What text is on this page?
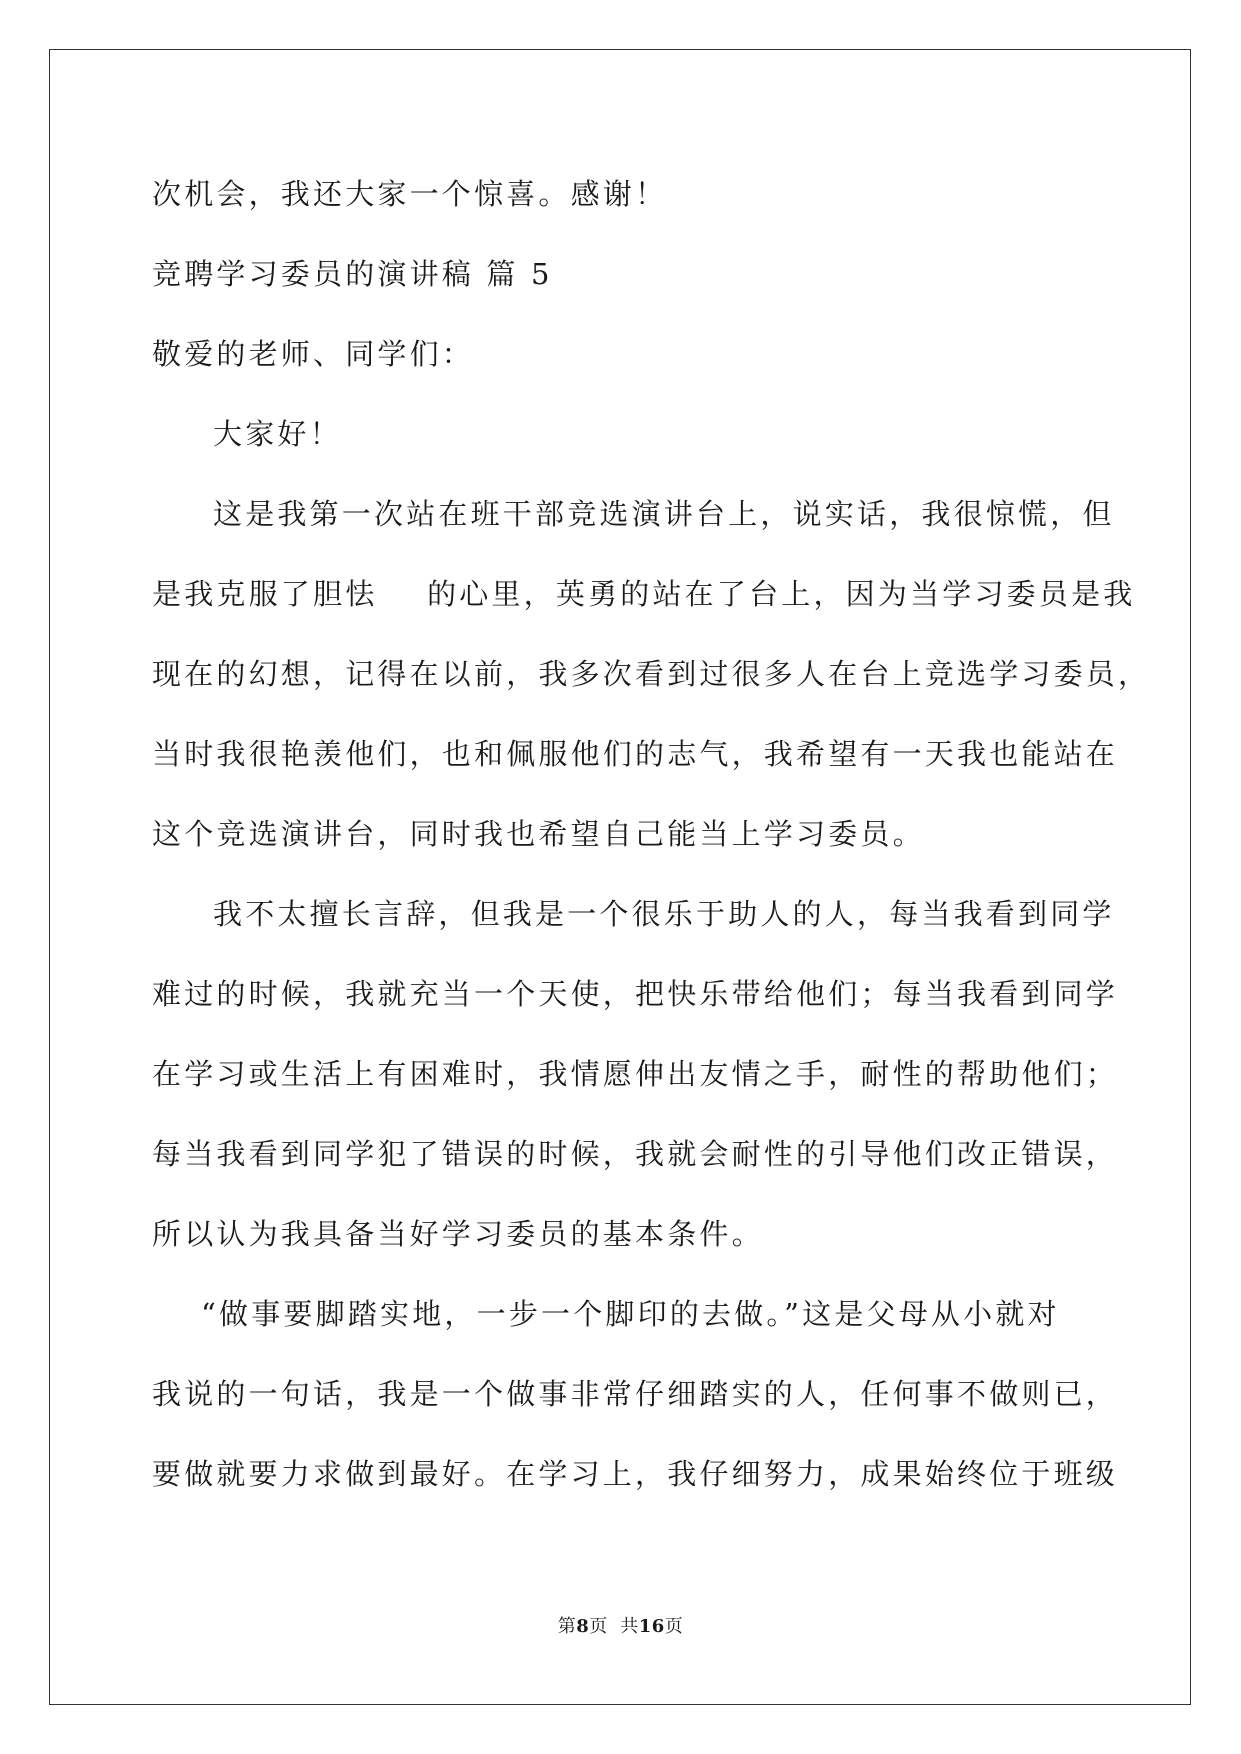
次机会，我还大家一个惊喜。感谢！
竞聘学习委员的演讲稿 篇 5
敬爱的老师、同学们：
大家好！
这是我第一次站在班干部竞选演讲台上，说实话，我很惊慌，但
是我克服了胆怯    的心里，英勇的站在了台上，因为当学习委员是我
现在的幻想，记得在以前，我多次看到过很多人在台上竞选学习委员，
当时我很艳羡他们，也和佩服他们的志气，我希望有一天我也能站在
这个竞选演讲台，同时我也希望自己能当上学习委员。
我不太擅长言辞，但我是一个很乐于助人的人，每当我看到同学
难过的时候，我就充当一个天使，把快乐带给他们；每当我看到同学
在学习或生活上有困难时，我情愿伸出友情之手，耐性的帮助他们；
每当我看到同学犯了错误的时候，我就会耐性的引导他们改正错误，
所以认为我具备当好学习委员的基本条件。
“做事要脚踏实地，一步一个脚印的去做。”这是父母从小就对
我说的一句话，我是一个做事非常仔细踏实的人，任何事不做则已，
要做就要力求做到最好。在学习上，我仔细努力，成果始终位于班级
第8页  共16页
